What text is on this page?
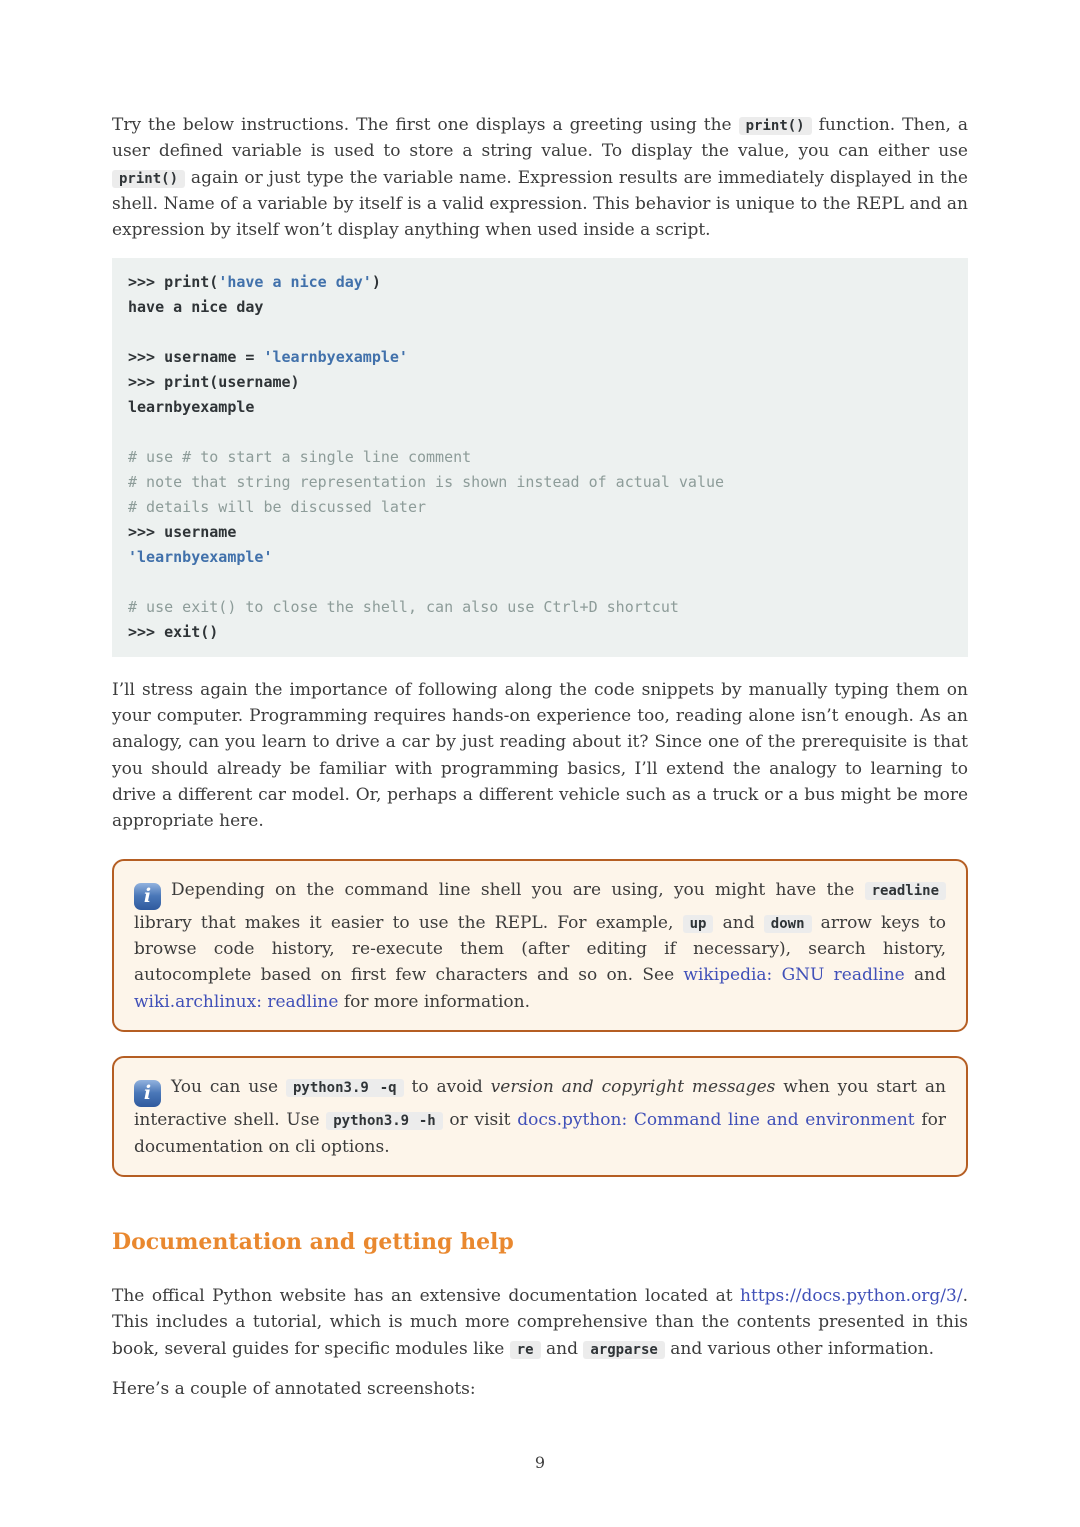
Try the below instructions. The first one displays a greeting using the print() function. Then, a user defined variable is used to store a string value. To display the value, you can either use print() again or just type the variable name. Expression results are immediately displayed in the shell. Name of a variable by itself is a valid expression. This behavior is unique to the REPL and an expression by itself won’t display anything when used inside a script.

>>> print('have a nice day')
have a nice day

>>> username = 'learnbyexample'
>>> print(username)
learnbyexample

# use # to start a single line comment
# note that string representation is shown instead of actual value
# details will be discussed later
>>> username
'learnbyexample'

# use exit() to close the shell, can also use Ctrl+D shortcut
>>> exit()

I’ll stress again the importance of following along the code snippets by manually typing them on your computer. Programming requires hands-on experience too, reading alone isn’t enough. As an analogy, can you learn to drive a car by just reading about it? Since one of the prerequisite is that you should already be familiar with programming basics, I’ll extend the analogy to learning to drive a different car model. Or, perhaps a different vehicle such as a truck or a bus might be more appropriate here.

i Depending on the command line shell you are using, you might have the readline library that makes it easier to use the REPL. For example, up and down arrow keys to browse code history, re-execute them (after editing if necessary), search history, autocomplete based on first few characters and so on. See wikipedia: GNU readline and wiki.archlinux: readline for more information.

i You can use python3.9 -q to avoid version and copyright messages when you start an interactive shell. Use python3.9 -h or visit docs.python: Command line and environment for documentation on cli options.

Documentation and getting help

The offical Python website has an extensive documentation located at https://docs.python.org/3/. This includes a tutorial, which is much more comprehensive than the contents presented in this book, several guides for specific modules like re and argparse and various other information.

Here’s a couple of annotated screenshots:

9
